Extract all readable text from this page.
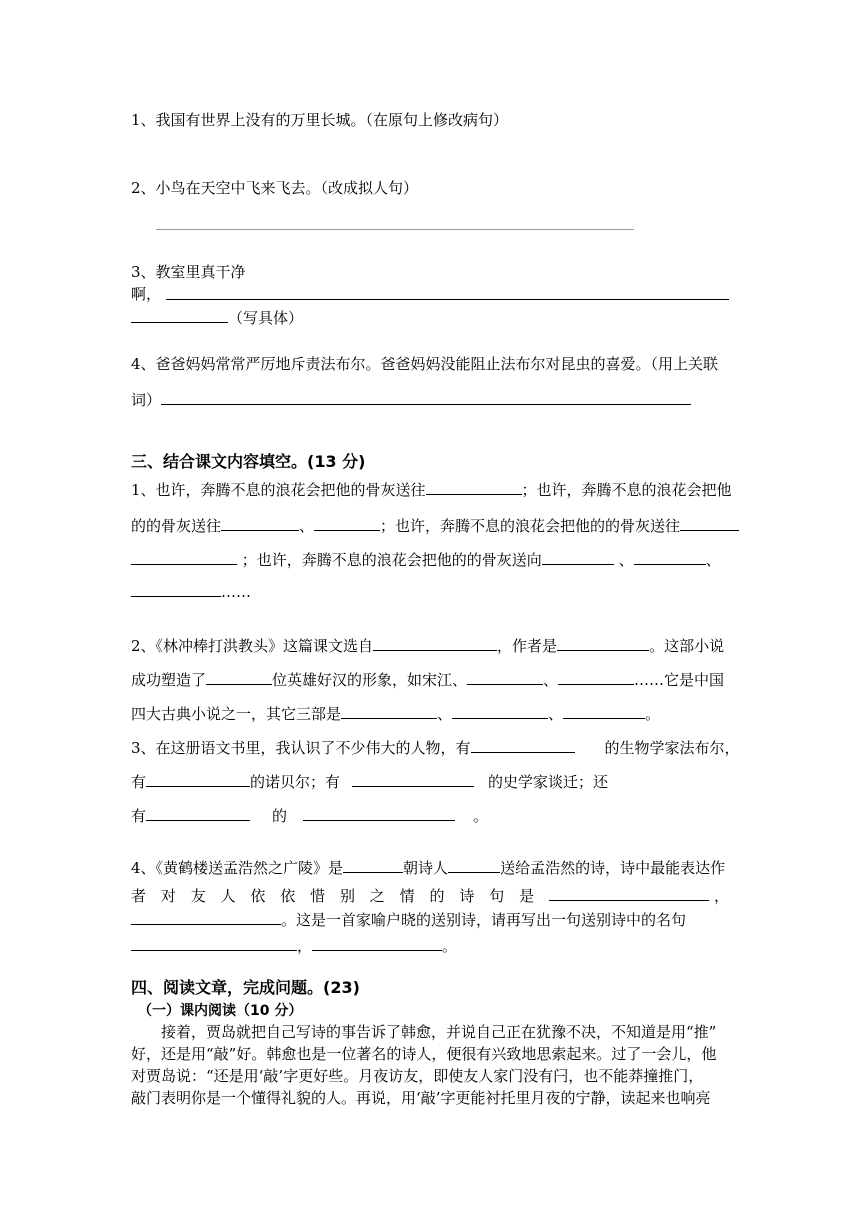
1、我国有世界上没有的万里长城。（在原句上修改病句）
2、小鸟在天空中飞来飞去。（改成拟人句）
3、教室里真干净
啊，
（写具体）
4、爸爸妈妈常常严厉地斥责法布尔。爸爸妈妈没能阻止法布尔对昆虫的喜爱。（用上关联
词）
三、结合课文内容填空。(13 分)
1、也许，奔腾不息的浪花会把他的骨灰送往	；也许，奔腾不息的浪花会把他
的的骨灰送往	、	；也许，奔腾不息的浪花会把他的的骨灰送往
；也许，奔腾不息的浪花会把他的的骨灰送向	、	、
……
2、《林冲棒打洪教头》这篇课文选自	，作者是	。这部小说
成功塑造了	位英雄好汉的形象，如宋江、	、	……它是中国
四大古典小说之一，其它三部是	、	、	。
3、在这册语文书里，我认识了不少伟大的人物，有	的生物学家法布尔，
有	的诺贝尔；有	的史学家谈迁；还
有	的	。
4、《黄鹤楼送孟浩然之广陵》是	朝诗人	送给孟浩然的诗，诗中最能表达作
者 对 友 人 依 依 惜 别 之 情 的 诗 句 是	，
。这是一首家喻户晓的送别诗，请再写出一句送别诗中的名句
，	。
四、阅读文章，完成问题。(23)
（一）课内阅读（10 分）
接着，贾岛就把自己写诗的事告诉了韩愈，并说自己正在犹豫不决，不知道是用“推”
好，还是用“敲”好。韩愈也是一位著名的诗人，便很有兴致地思索起来。过了一会儿，他
对贾岛说：“还是用‘敲’字更好些。月夜访友，即使友人家门没有闩，也不能莽撞推门，
敲门表明你是一个懂得礼貌的人。再说，用‘敲’字更能衬托里月夜的宁静，读起来也响亮
